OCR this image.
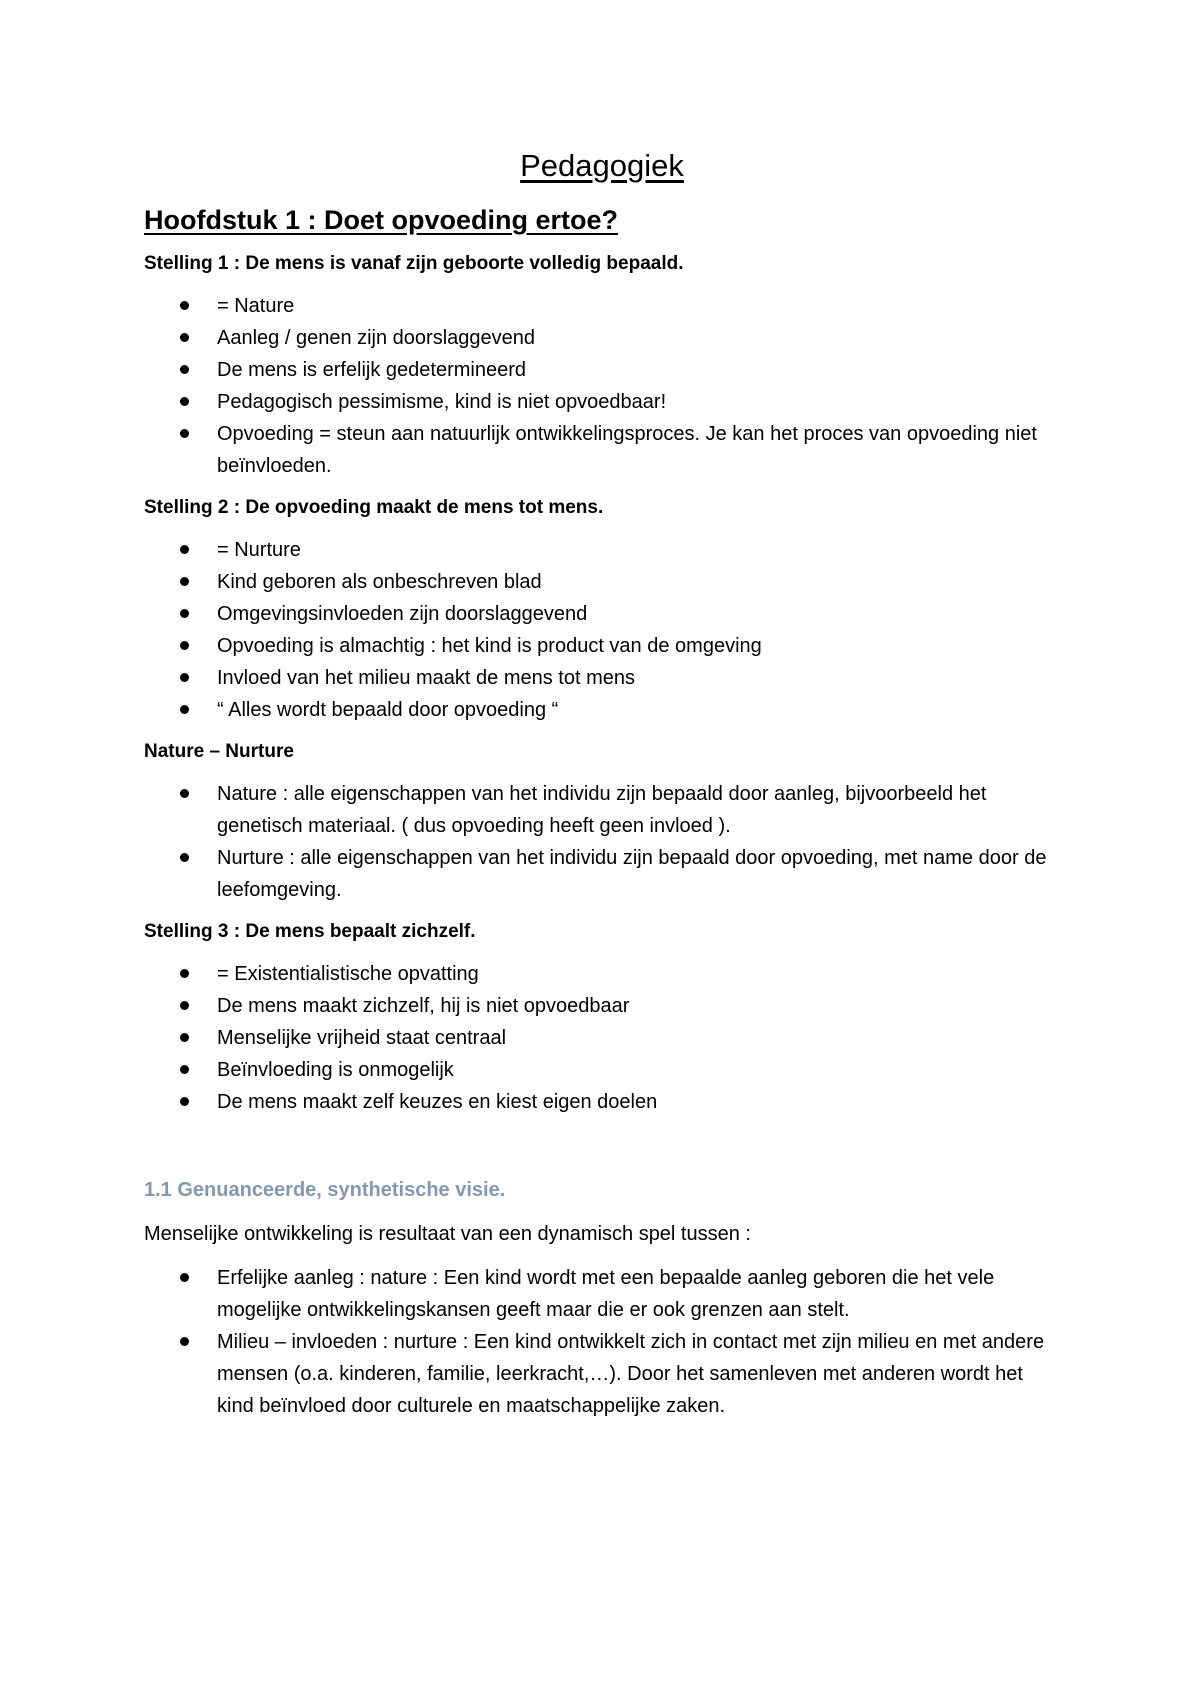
Pedagogiek
Hoofdstuk 1 : Doet opvoeding ertoe?
Stelling 1 : De mens is vanaf zijn geboorte volledig bepaald.
= Nature
Aanleg / genen zijn doorslaggevend
De mens is erfelijk gedetermineerd
Pedagogisch pessimisme, kind is niet opvoedbaar!
Opvoeding = steun aan natuurlijk ontwikkelingsproces. Je kan het proces van opvoeding niet beïnvloeden.
Stelling 2 : De opvoeding maakt de mens tot mens.
= Nurture
Kind geboren als onbeschreven blad
Omgevingsinvloeden zijn doorslaggevend
Opvoeding is almachtig : het kind is product van de omgeving
Invloed van het milieu maakt de mens tot mens
“ Alles wordt bepaald door opvoeding “
Nature – Nurture
Nature : alle eigenschappen van het individu zijn bepaald door aanleg, bijvoorbeeld het genetisch materiaal. ( dus opvoeding heeft geen invloed ).
Nurture : alle eigenschappen van het individu zijn bepaald door opvoeding, met name door de leefomgeving.
Stelling 3 : De mens bepaalt zichzelf.
= Existentialistische opvatting
De mens maakt zichzelf, hij is niet opvoedbaar
Menselijke vrijheid staat centraal
Beïnvloeding is onmogelijk
De mens maakt zelf keuzes en kiest eigen doelen
1.1 Genuanceerde, synthetische visie.
Menselijke ontwikkeling is resultaat van een dynamisch spel tussen :
Erfelijke aanleg : nature : Een kind wordt met een bepaalde aanleg geboren die het vele mogelijke ontwikkelingskansen geeft maar die er ook grenzen aan stelt.
Milieu – invloeden : nurture : Een kind ontwikkelt zich in contact met zijn milieu en met andere mensen (o.a. kinderen, familie, leerkracht,…). Door het samenleven met anderen wordt het kind beïnvloed door culturele en maatschappelijke zaken.
